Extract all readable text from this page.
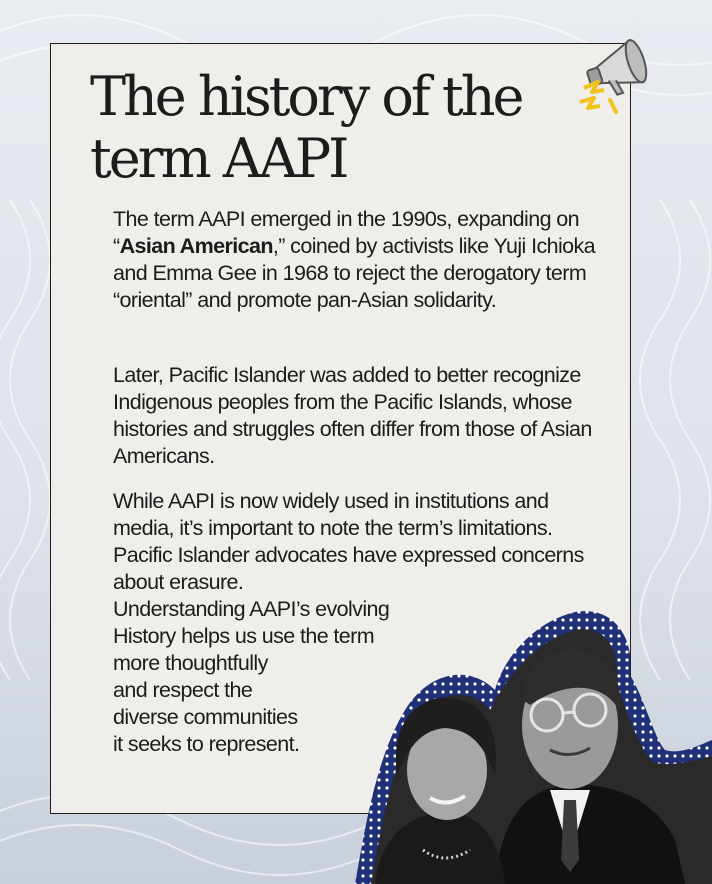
The history of the term AAPI

The term AAPI emerged in the 1990s, expanding on “Asian American,” coined by activists like Yuji Ichioka and Emma Gee in 1968 to reject the derogatory term “oriental” and promote pan-Asian solidarity.

Later, Pacific Islander was added to better recognize Indigenous peoples from the Pacific Islands, whose histories and struggles often differ from those of Asian Americans.

While AAPI is now widely used in institutions and media, it’s important to note the term’s limitations. Pacific Islander advocates have expressed concerns about erasure.

Understanding AAPI’s evolving
History helps us use the term
more thoughtfully
and respect the
diverse communities
it seeks to represent.
